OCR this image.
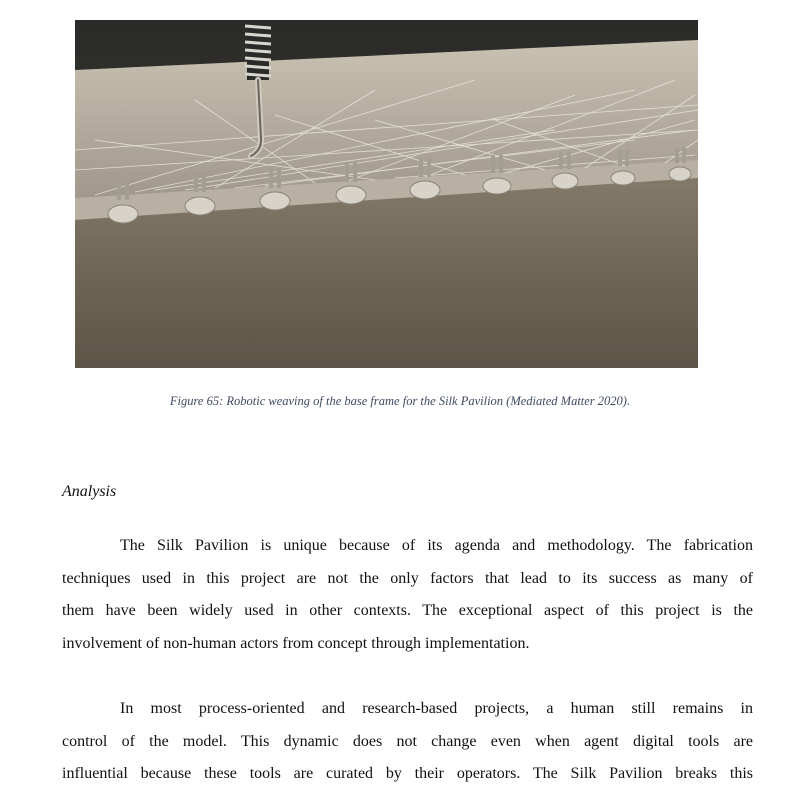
Figure 65: Robotic weaving of the base frame for the Silk Pavilion (Mediated Matter 2020).

Analysis
The Silk Pavilion is unique because of its agenda and methodology. The fabrication
techniques used in this project are not the only factors that lead to its success as many of
them have been widely used in other contexts. The exceptional aspect of this project is the
involvement of non-human actors from concept through implementation.
In most process-oriented and research-based projects, a human still remains in
control of the model. This dynamic does not change even when agent digital tools are
influential because these tools are curated by their operators. The Silk Pavilion breaks this
